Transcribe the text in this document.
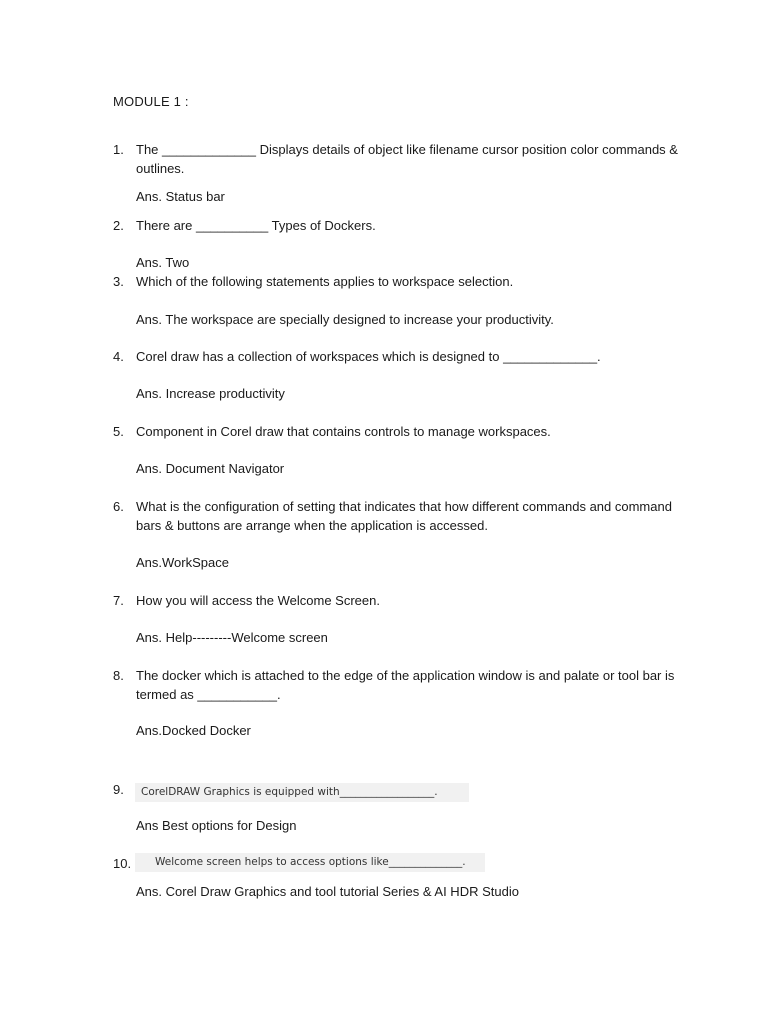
MODULE 1 :
1. The _____________ Displays details of object like filename cursor position color commands & outlines.
Ans. Status bar
2. There are __________ Types of Dockers.
Ans. Two
3. Which of the following statements applies to workspace selection.
Ans. The workspace are specially designed to increase your productivity.
4. Corel draw has a collection of workspaces which is designed to _____________.
Ans. Increase productivity
5. Component in Corel draw that contains controls to manage workspaces.
Ans. Document Navigator
6. What is the configuration of setting that indicates that how different commands and command bars & buttons are arrange when the application is accessed.
Ans.WorkSpace
7. How you will access the Welcome Screen.
Ans. Help---------Welcome screen
8. The docker which is attached to the edge of the application window is and palate or tool bar is termed as ___________.
Ans.Docked Docker
9.	CorelDRAW Graphics is equipped with__________________.
Ans Best options for Design
10.	Welcome screen helps to access options like______________.
Ans. Corel Draw Graphics and tool tutorial Series & AI HDR Studio
